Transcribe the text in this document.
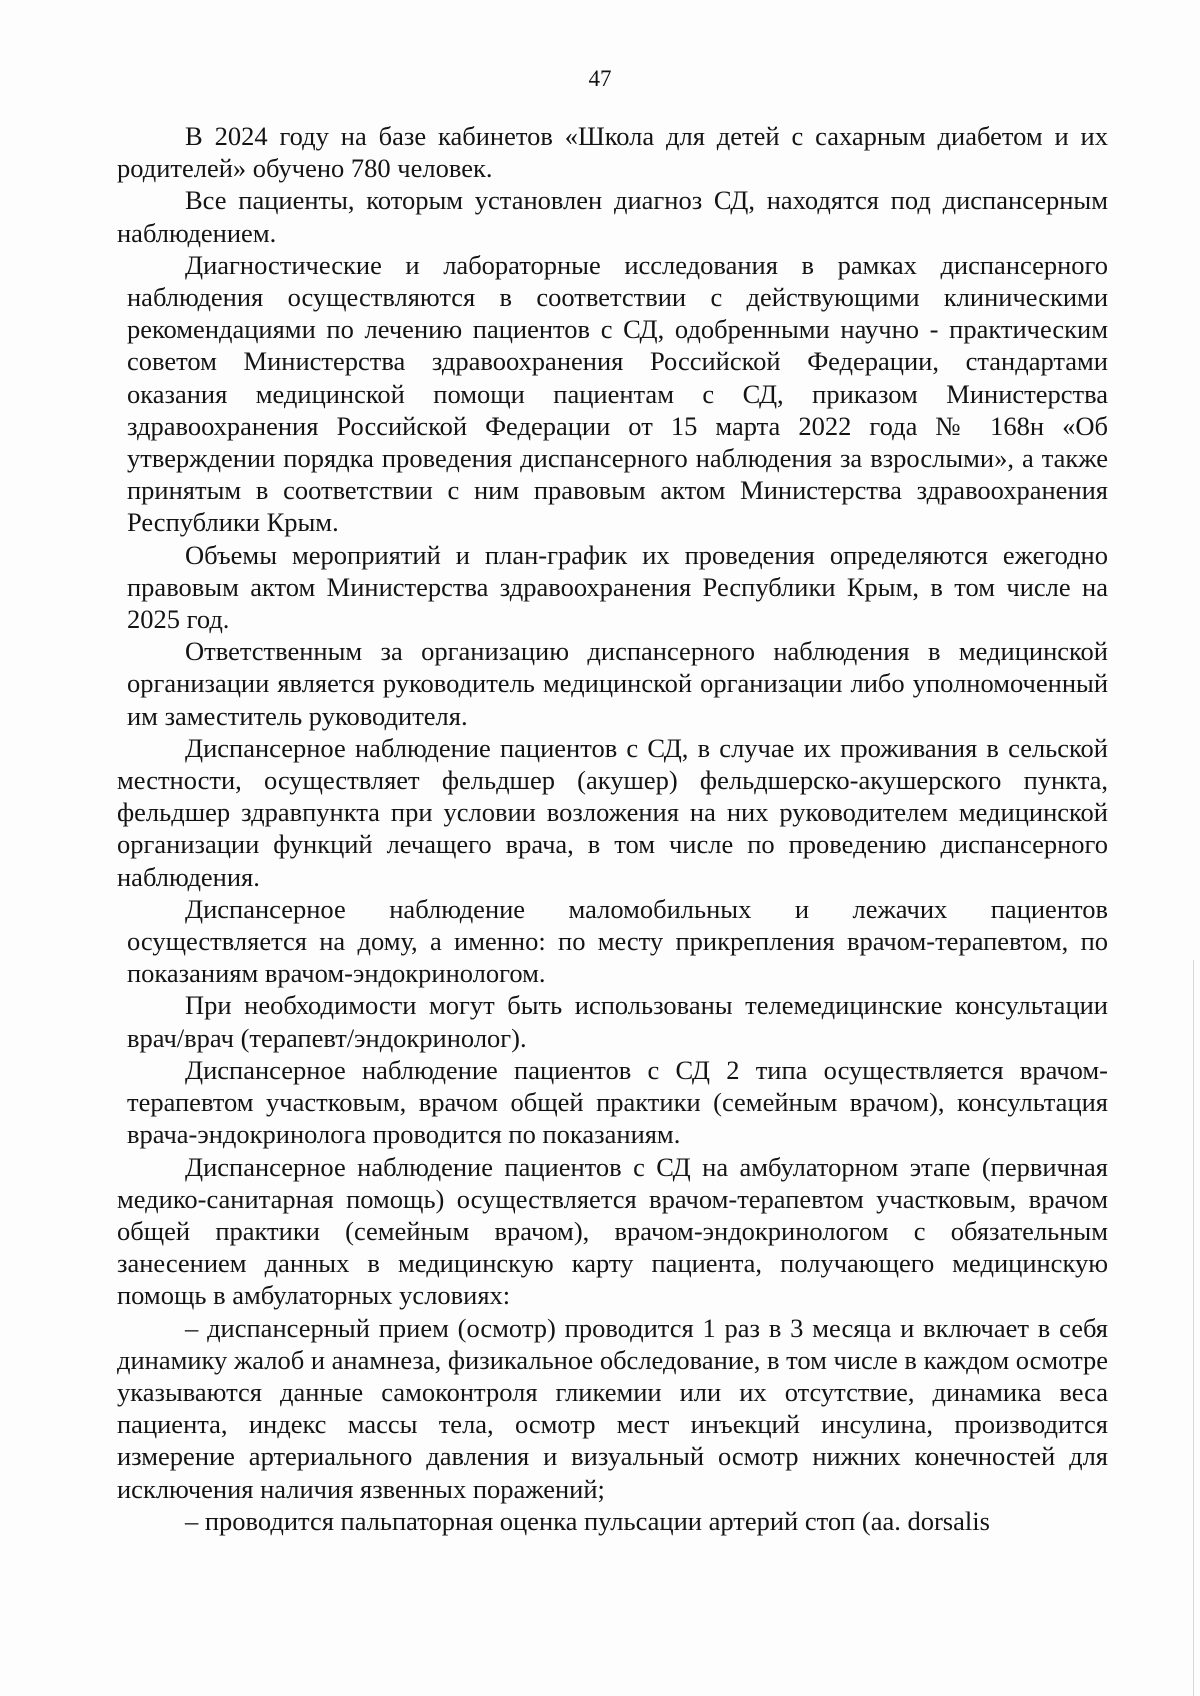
47

В 2024 году на базе кабинетов «Школа для детей с сахарным диабетом и их родителей» обучено 780 человек.

Все пациенты, которым установлен диагноз СД, находятся под диспансерным наблюдением.

Диагностические и лабораторные исследования в рамках диспансерного наблюдения осуществляются в соответствии с действующими клиническими рекомендациями по лечению пациентов с СД, одобренными научно - практическим советом Министерства здравоохранения Российской Федерации, стандартами оказания медицинской помощи пациентам с СД, приказом Министерства здравоохранения Российской Федерации от 15 марта 2022 года № 168н «Об утверждении порядка проведения диспансерного наблюдения за взрослыми», а также принятым в соответствии с ним правовым актом Министерства здравоохранения Республики Крым.

Объемы мероприятий и план-график их проведения определяются ежегодно правовым актом Министерства здравоохранения Республики Крым, в том числе на 2025 год.

Ответственным за организацию диспансерного наблюдения в медицинской организации является руководитель медицинской организации либо уполномоченный им заместитель руководителя.

Диспансерное наблюдение пациентов с СД, в случае их проживания в сельской местности, осуществляет фельдшер (акушер) фельдшерско-акушерского пункта, фельдшер здравпункта при условии возложения на них руководителем медицинской организации функций лечащего врача, в том числе по проведению диспансерного наблюдения.

Диспансерное наблюдение маломобильных и лежачих пациентов осуществляется на дому, а именно: по месту прикрепления врачом-терапевтом, по показаниям врачом-эндокринологом.

При необходимости могут быть использованы телемедицинские консультации врач/врач (терапевт/эндокринолог).

Диспансерное наблюдение пациентов с СД 2 типа осуществляется врачом-терапевтом участковым, врачом общей практики (семейным врачом), консультация врача-эндокринолога проводится по показаниям.

Диспансерное наблюдение пациентов с СД на амбулаторном этапе (первичная медико-санитарная помощь) осуществляется врачом-терапевтом участковым, врачом общей практики (семейным врачом), врачом-эндокринологом с обязательным занесением данных в медицинскую карту пациента, получающего медицинскую помощь в амбулаторных условиях:

– диспансерный прием (осмотр) проводится 1 раз в 3 месяца и включает в себя динамику жалоб и анамнеза, физикальное обследование, в том числе в каждом осмотре указываются данные самоконтроля гликемии или их отсутствие, динамика веса пациента, индекс массы тела, осмотр мест инъекций инсулина, производится измерение артериального давления и визуальный осмотр нижних конечностей для исключения наличия язвенных поражений;

– проводится пальпаторная оценка пульсации артерий стоп (aa. dorsalis
